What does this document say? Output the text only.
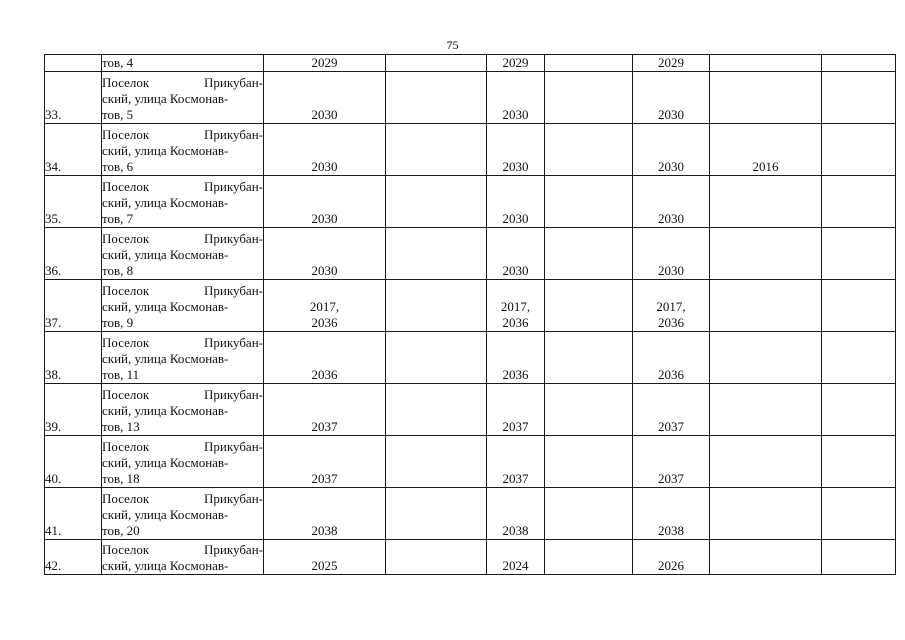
75

	тов, 4	2029		2029		2029		

33.	Поселок Прикубан-
ский, улица Космонав-
тов, 5	2030		2030		2030		

34.	Поселок Прикубан-
ский, улица Космонав-
тов, 6	2030		2030		2030	2016	

35.	Поселок Прикубан-
ский, улица Космонав-
тов, 7	2030		2030		2030		

36.	Поселок Прикубан-
ский, улица Космонав-
тов, 8	2030		2030		2030		

37.	Поселок Прикубан-
ский, улица Космонав-
тов, 9	2017,
2036		2017,
2036		2017,
2036		

38.	Поселок Прикубан-
ский, улица Космонав-
тов, 11	2036		2036		2036		

39.	Поселок Прикубан-
ский, улица Космонав-
тов, 13	2037		2037		2037		

40.	Поселок Прикубан-
ский, улица Космонав-
тов, 18	2037		2037		2037		

41.	Поселок Прикубан-
ский, улица Космонав-
тов, 20	2038		2038		2038		

42.	Поселок Прикубан-
ский, улица Космонав-	2025		2024		2026		
